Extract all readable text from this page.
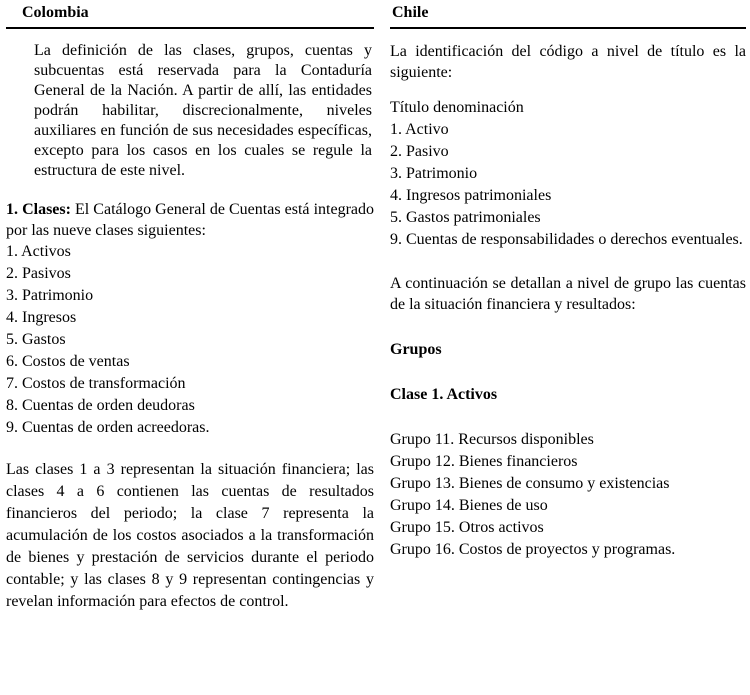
Colombia	Chile

La definición de las clases, grupos, cuentas y subcuentas está reservada para la Contaduría General de la Nación. A partir de allí, las entidades podrán habilitar, discrecionalmente, niveles auxiliares en función de sus necesidades específicas, excepto para los casos en los cuales se regule la estructura de este nivel.

1. Clases: El Catálogo General de Cuentas está integrado por las nueve clases siguientes:

1. Activos
2. Pasivos
3. Patrimonio
4. Ingresos
5. Gastos
6. Costos de ventas
7. Costos de transformación
8. Cuentas de orden deudoras
9. Cuentas de orden acreedoras.

Las clases 1 a 3 representan la situación financiera; las clases 4 a 6 contienen las cuentas de resultados financieros del periodo; la clase 7 representa la acumulación de los costos asociados a la transformación de bienes y prestación de servicios durante el periodo contable; y las clases 8 y 9 representan contingencias y revelan información para efectos de control.

La identificación del código a nivel de título es la siguiente:

Título denominación
1. Activo
2. Pasivo
3. Patrimonio
4. Ingresos patrimoniales
5. Gastos patrimoniales
9. Cuentas de responsabilidades o derechos eventuales.

A continuación se detallan a nivel de grupo las cuentas de la situación financiera y resultados:

Grupos
Clase 1. Activos
Grupo 11. Recursos disponibles
Grupo 12. Bienes financieros
Grupo 13. Bienes de consumo y existencias
Grupo 14. Bienes de uso
Grupo 15. Otros activos
Grupo 16. Costos de proyectos y programas.
